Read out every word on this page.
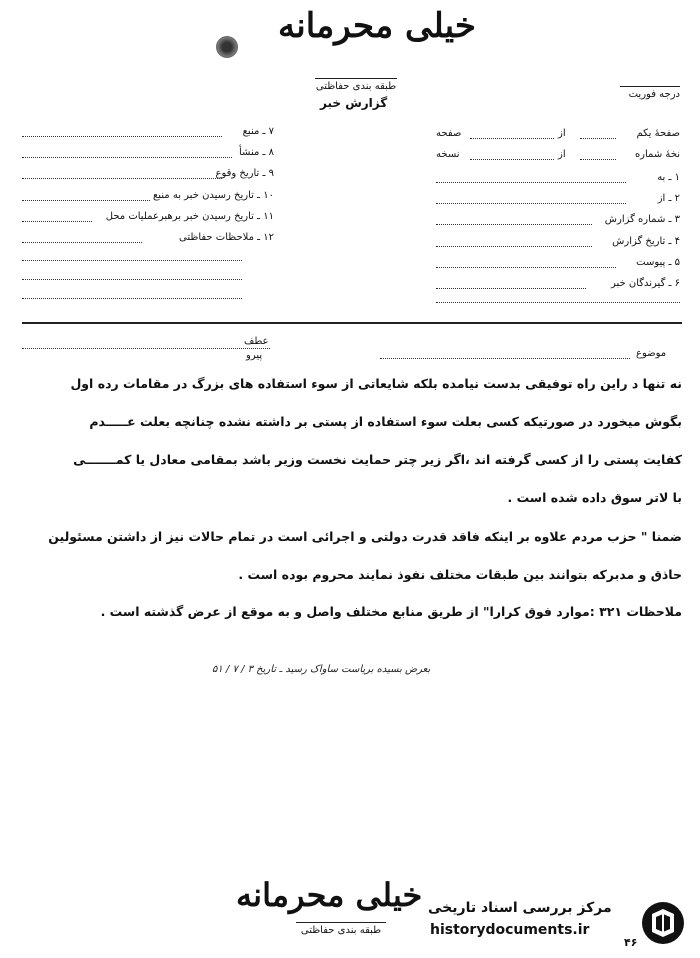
خیلی محرمانه
طبقه بندی حفاظتی
گزارش خبر
درجه فوریت
۷ ـ منبع
۸ ـ منشأ
۹ ـ تاریخ وقوع
۱۰ ـ تاریخ رسیدن خبر به منبع
۱۱ ـ تاریخ رسیدن خبر برهبرعملیات محل
۱۲ ـ ملاحظات حفاظتی
صفحهٔ یکم
از
صفحه
نخهٔ شماره
از
نسخه
۱ ـ به
۲ ـ از
۳ ـ شماره گزارش
۴ ـ تاریخ گزارش
۵ ـ پیوست
۶ ـ گیرندگان خبر
عطف
پیرو	موضوع
نه تنها د راین راه توفیقی بدست نیامده بلکه شایعاتی از سوء استفاده های بزرگ در مقامات رده اول
بگوش میخورد در صورتیکه کسی بعلت سوء استفاده از پستی بر داشته نشده چنانچه بعلت عـــــدم
کفایت پستی را از کسی گرفته اند ،اگر زیر چتر حمایت نخست وزیر باشد بمقامی معادل یا کمـــــــی
با لاتر سوق داده شده است .
ضمنا " حزب مردم علاوه بر اینکه فاقد قدرت دولتی و اجرائی است در تمام حالات نیز از داشتن مسئولین
حاذق و مدبرکه بتوانند بین طبقات مختلف نفوذ نمایند محروم بوده است .
ملاحظات ۳۲۱ :موارد فوق کرارا" از طریق منابع مختلف واصل و به موقع از عرض گذشته است .
بعرض بسیده بریاست ساواک رسید ـ تاریخ ۳ / ۷ / ۵۱
خیلی محرمانه
طبقه بندی حفاظتی
مرکز بررسی اسناد تاریخی
historydocuments.ir
۴۶
